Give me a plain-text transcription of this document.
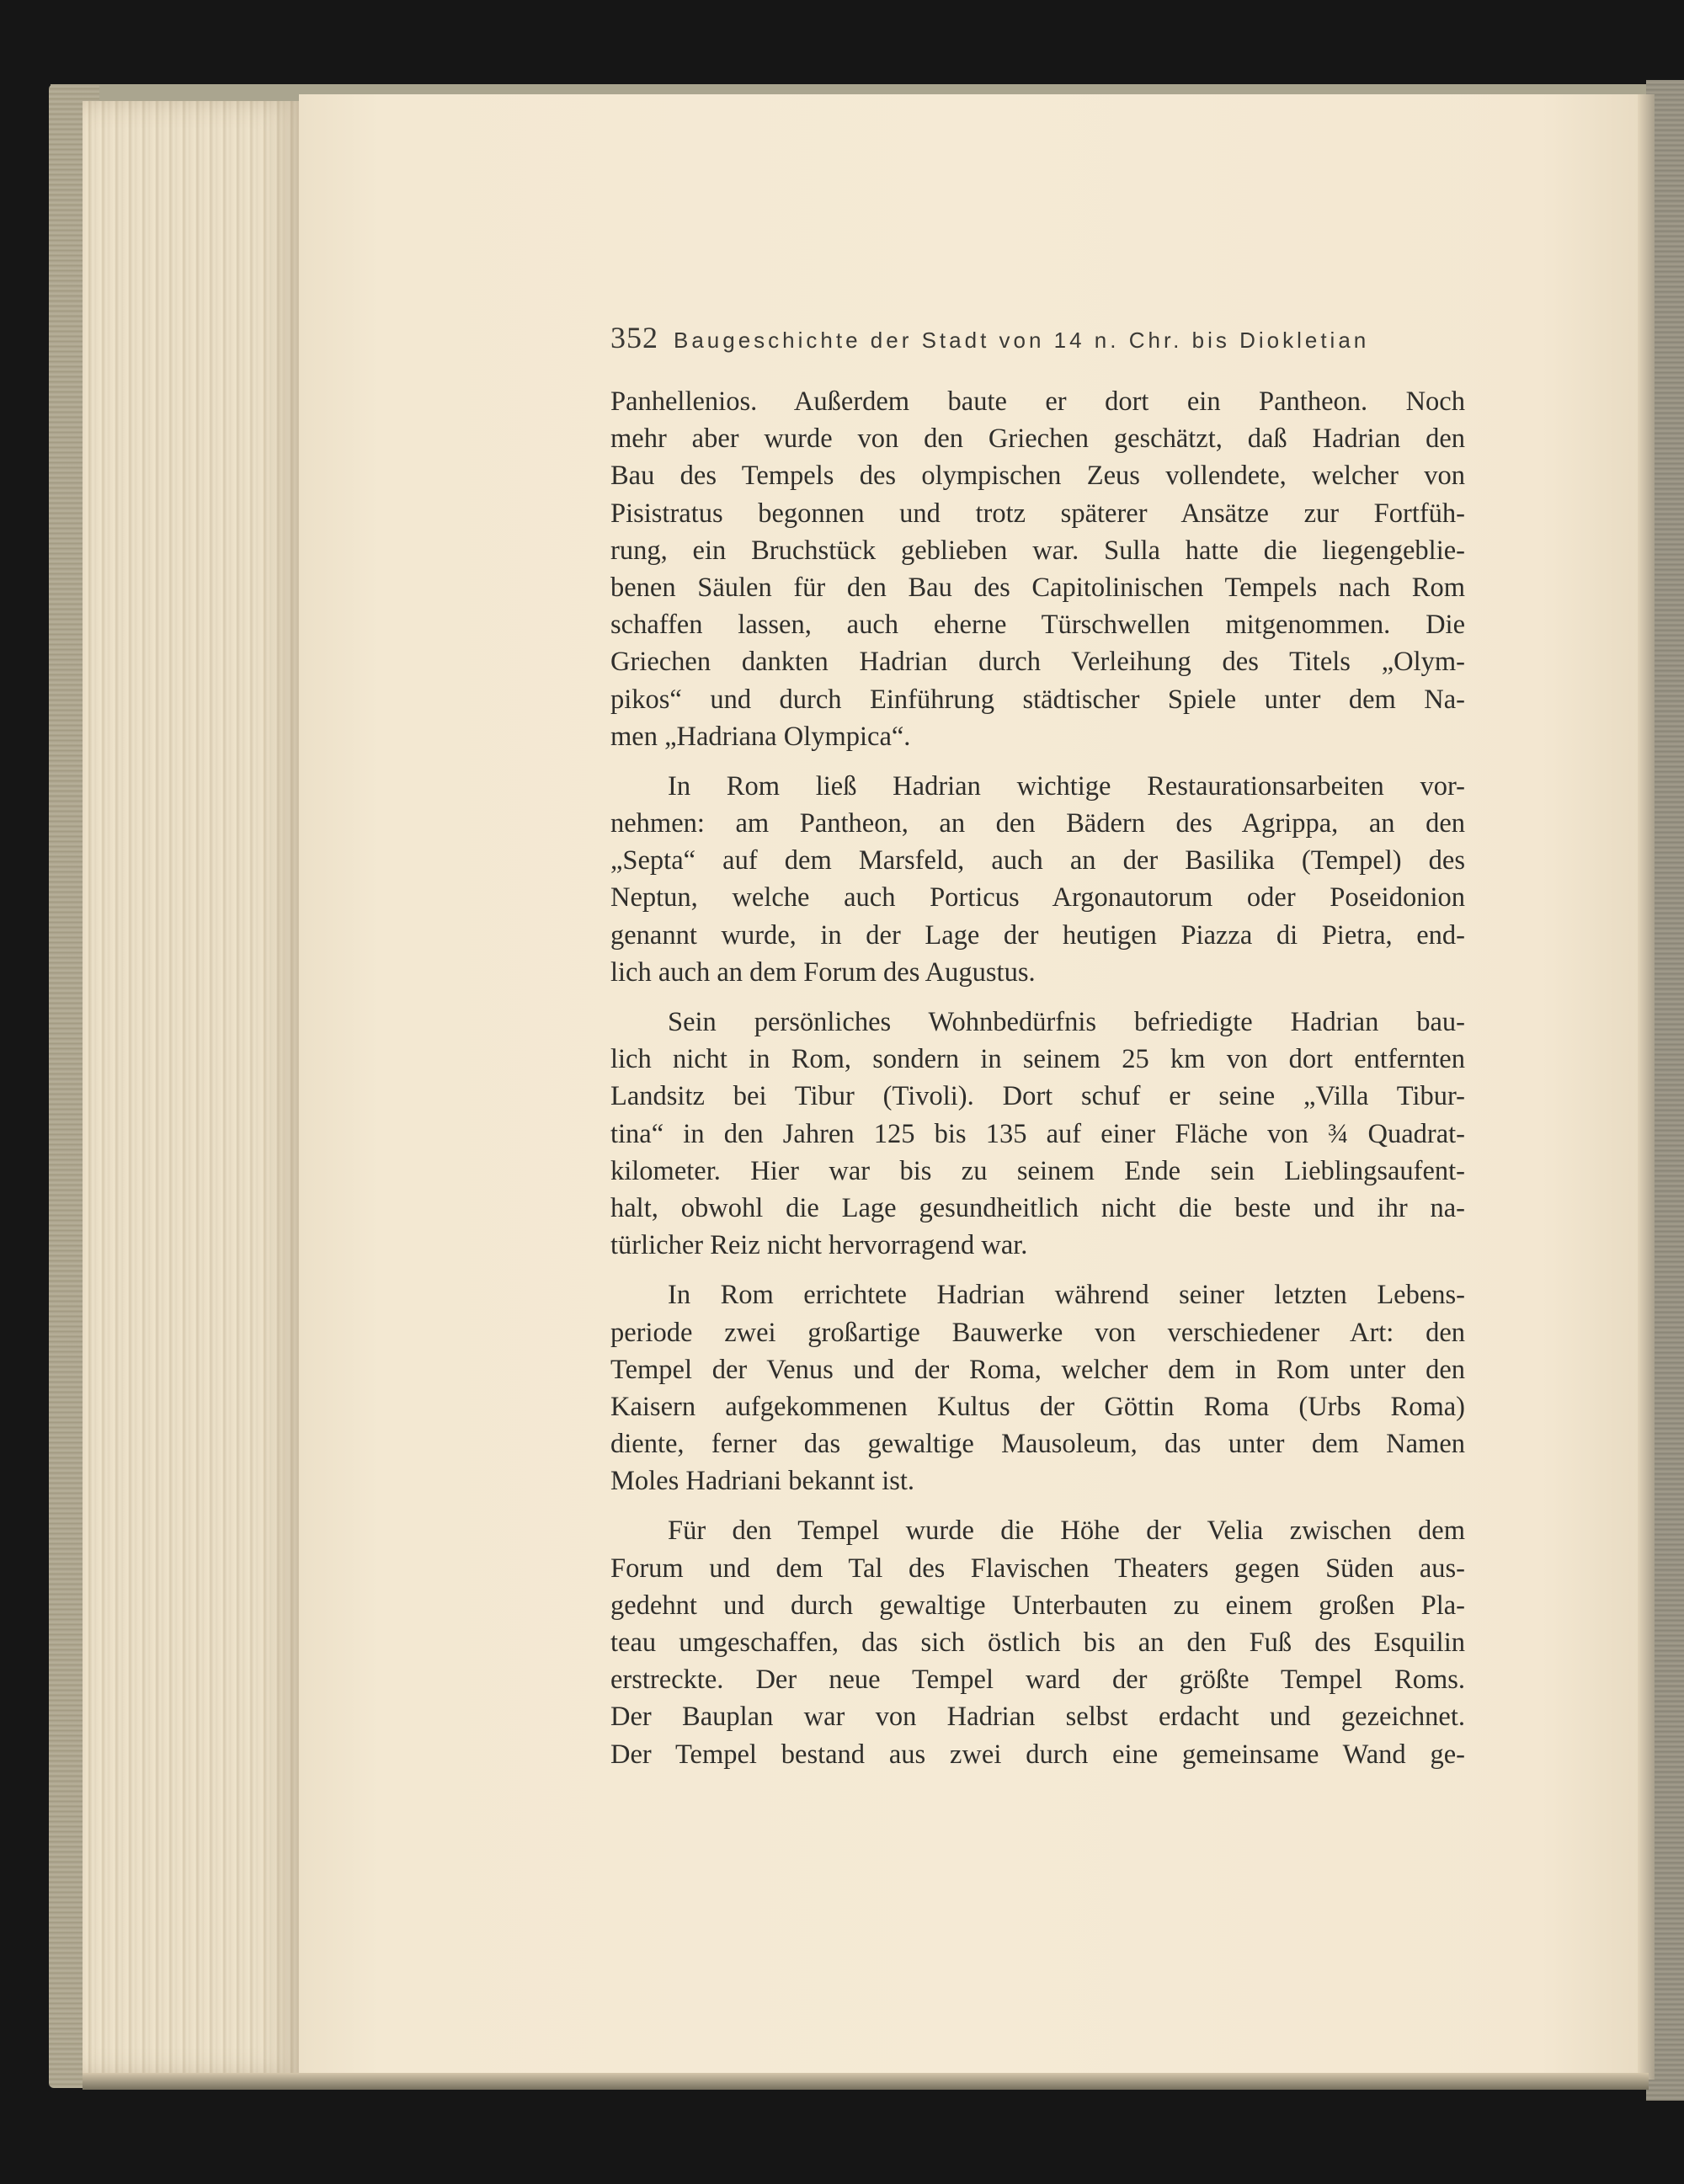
352 Baugeschichte der Stadt von 14 n. Chr. bis Diokletian
Panhellenios. Außerdem baute er dort ein Pantheon. Noch
mehr aber wurde von den Griechen geschätzt, daß Hadrian den
Bau des Tempels des olympischen Zeus vollendete, welcher von
Pisistratus begonnen und trotz späterer Ansätze zur Fortfüh-
rung, ein Bruchstück geblieben war. Sulla hatte die liegengeblie-
benen Säulen für den Bau des Capitolinischen Tempels nach Rom
schaffen lassen, auch eherne Türschwellen mitgenommen. Die
Griechen dankten Hadrian durch Verleihung des Titels „Olym-
pikos“ und durch Einführung städtischer Spiele unter dem Na-
men „Hadriana Olympica“.
In Rom ließ Hadrian wichtige Restaurationsarbeiten vor-
nehmen: am Pantheon, an den Bädern des Agrippa, an den
„Septa“ auf dem Marsfeld, auch an der Basilika (Tempel) des
Neptun, welche auch Porticus Argonautorum oder Poseidonion
genannt wurde, in der Lage der heutigen Piazza di Pietra, end-
lich auch an dem Forum des Augustus.
Sein persönliches Wohnbedürfnis befriedigte Hadrian bau-
lich nicht in Rom, sondern in seinem 25 km von dort entfernten
Landsitz bei Tibur (Tivoli). Dort schuf er seine „Villa Tibur-
tina“ in den Jahren 125 bis 135 auf einer Fläche von ¾ Quadrat-
kilometer. Hier war bis zu seinem Ende sein Lieblingsaufent-
halt, obwohl die Lage gesundheitlich nicht die beste und ihr na-
türlicher Reiz nicht hervorragend war.
In Rom errichtete Hadrian während seiner letzten Lebens-
periode zwei großartige Bauwerke von verschiedener Art: den
Tempel der Venus und der Roma, welcher dem in Rom unter den
Kaisern aufgekommenen Kultus der Göttin Roma (Urbs Roma)
diente, ferner das gewaltige Mausoleum, das unter dem Namen
Moles Hadriani bekannt ist.
Für den Tempel wurde die Höhe der Velia zwischen dem
Forum und dem Tal des Flavischen Theaters gegen Süden aus-
gedehnt und durch gewaltige Unterbauten zu einem großen Pla-
teau umgeschaffen, das sich östlich bis an den Fuß des Esquilin
erstreckte. Der neue Tempel ward der größte Tempel Roms.
Der Bauplan war von Hadrian selbst erdacht und gezeichnet.
Der Tempel bestand aus zwei durch eine gemeinsame Wand ge-
